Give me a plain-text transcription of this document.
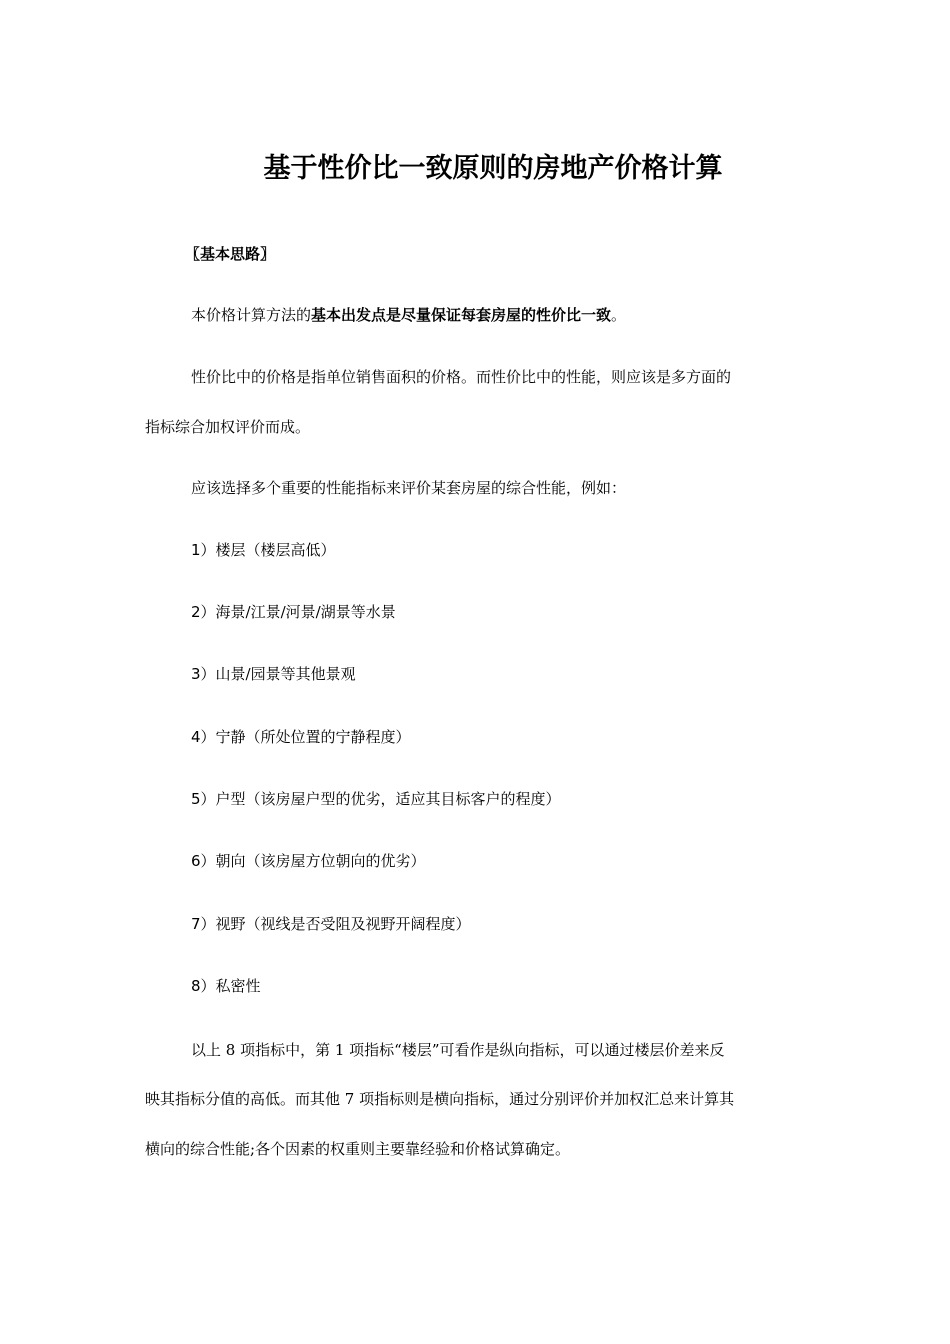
基于性价比一致原则的房地产价格计算
〖基本思路〗
本价格计算方法的基本出发点是尽量保证每套房屋的性价比一致。
性价比中的价格是指单位销售面积的价格。而性价比中的性能，则应该是多方面的
指标综合加权评价而成。
应该选择多个重要的性能指标来评价某套房屋的综合性能，例如：
1）楼层（楼层高低）
2）海景/江景/河景/湖景等水景
3）山景/园景等其他景观
4）宁静（所处位置的宁静程度）
5）户型（该房屋户型的优劣，适应其目标客户的程度）
6）朝向（该房屋方位朝向的优劣）
7）视野（视线是否受阻及视野开阔程度）
8）私密性
以上 8 项指标中，第 1 项指标“楼层”可看作是纵向指标，可以通过楼层价差来反
映其指标分值的高低。而其他 7 项指标则是横向指标，通过分别评价并加权汇总来计算其
横向的综合性能;各个因素的权重则主要靠经验和价格试算确定。
